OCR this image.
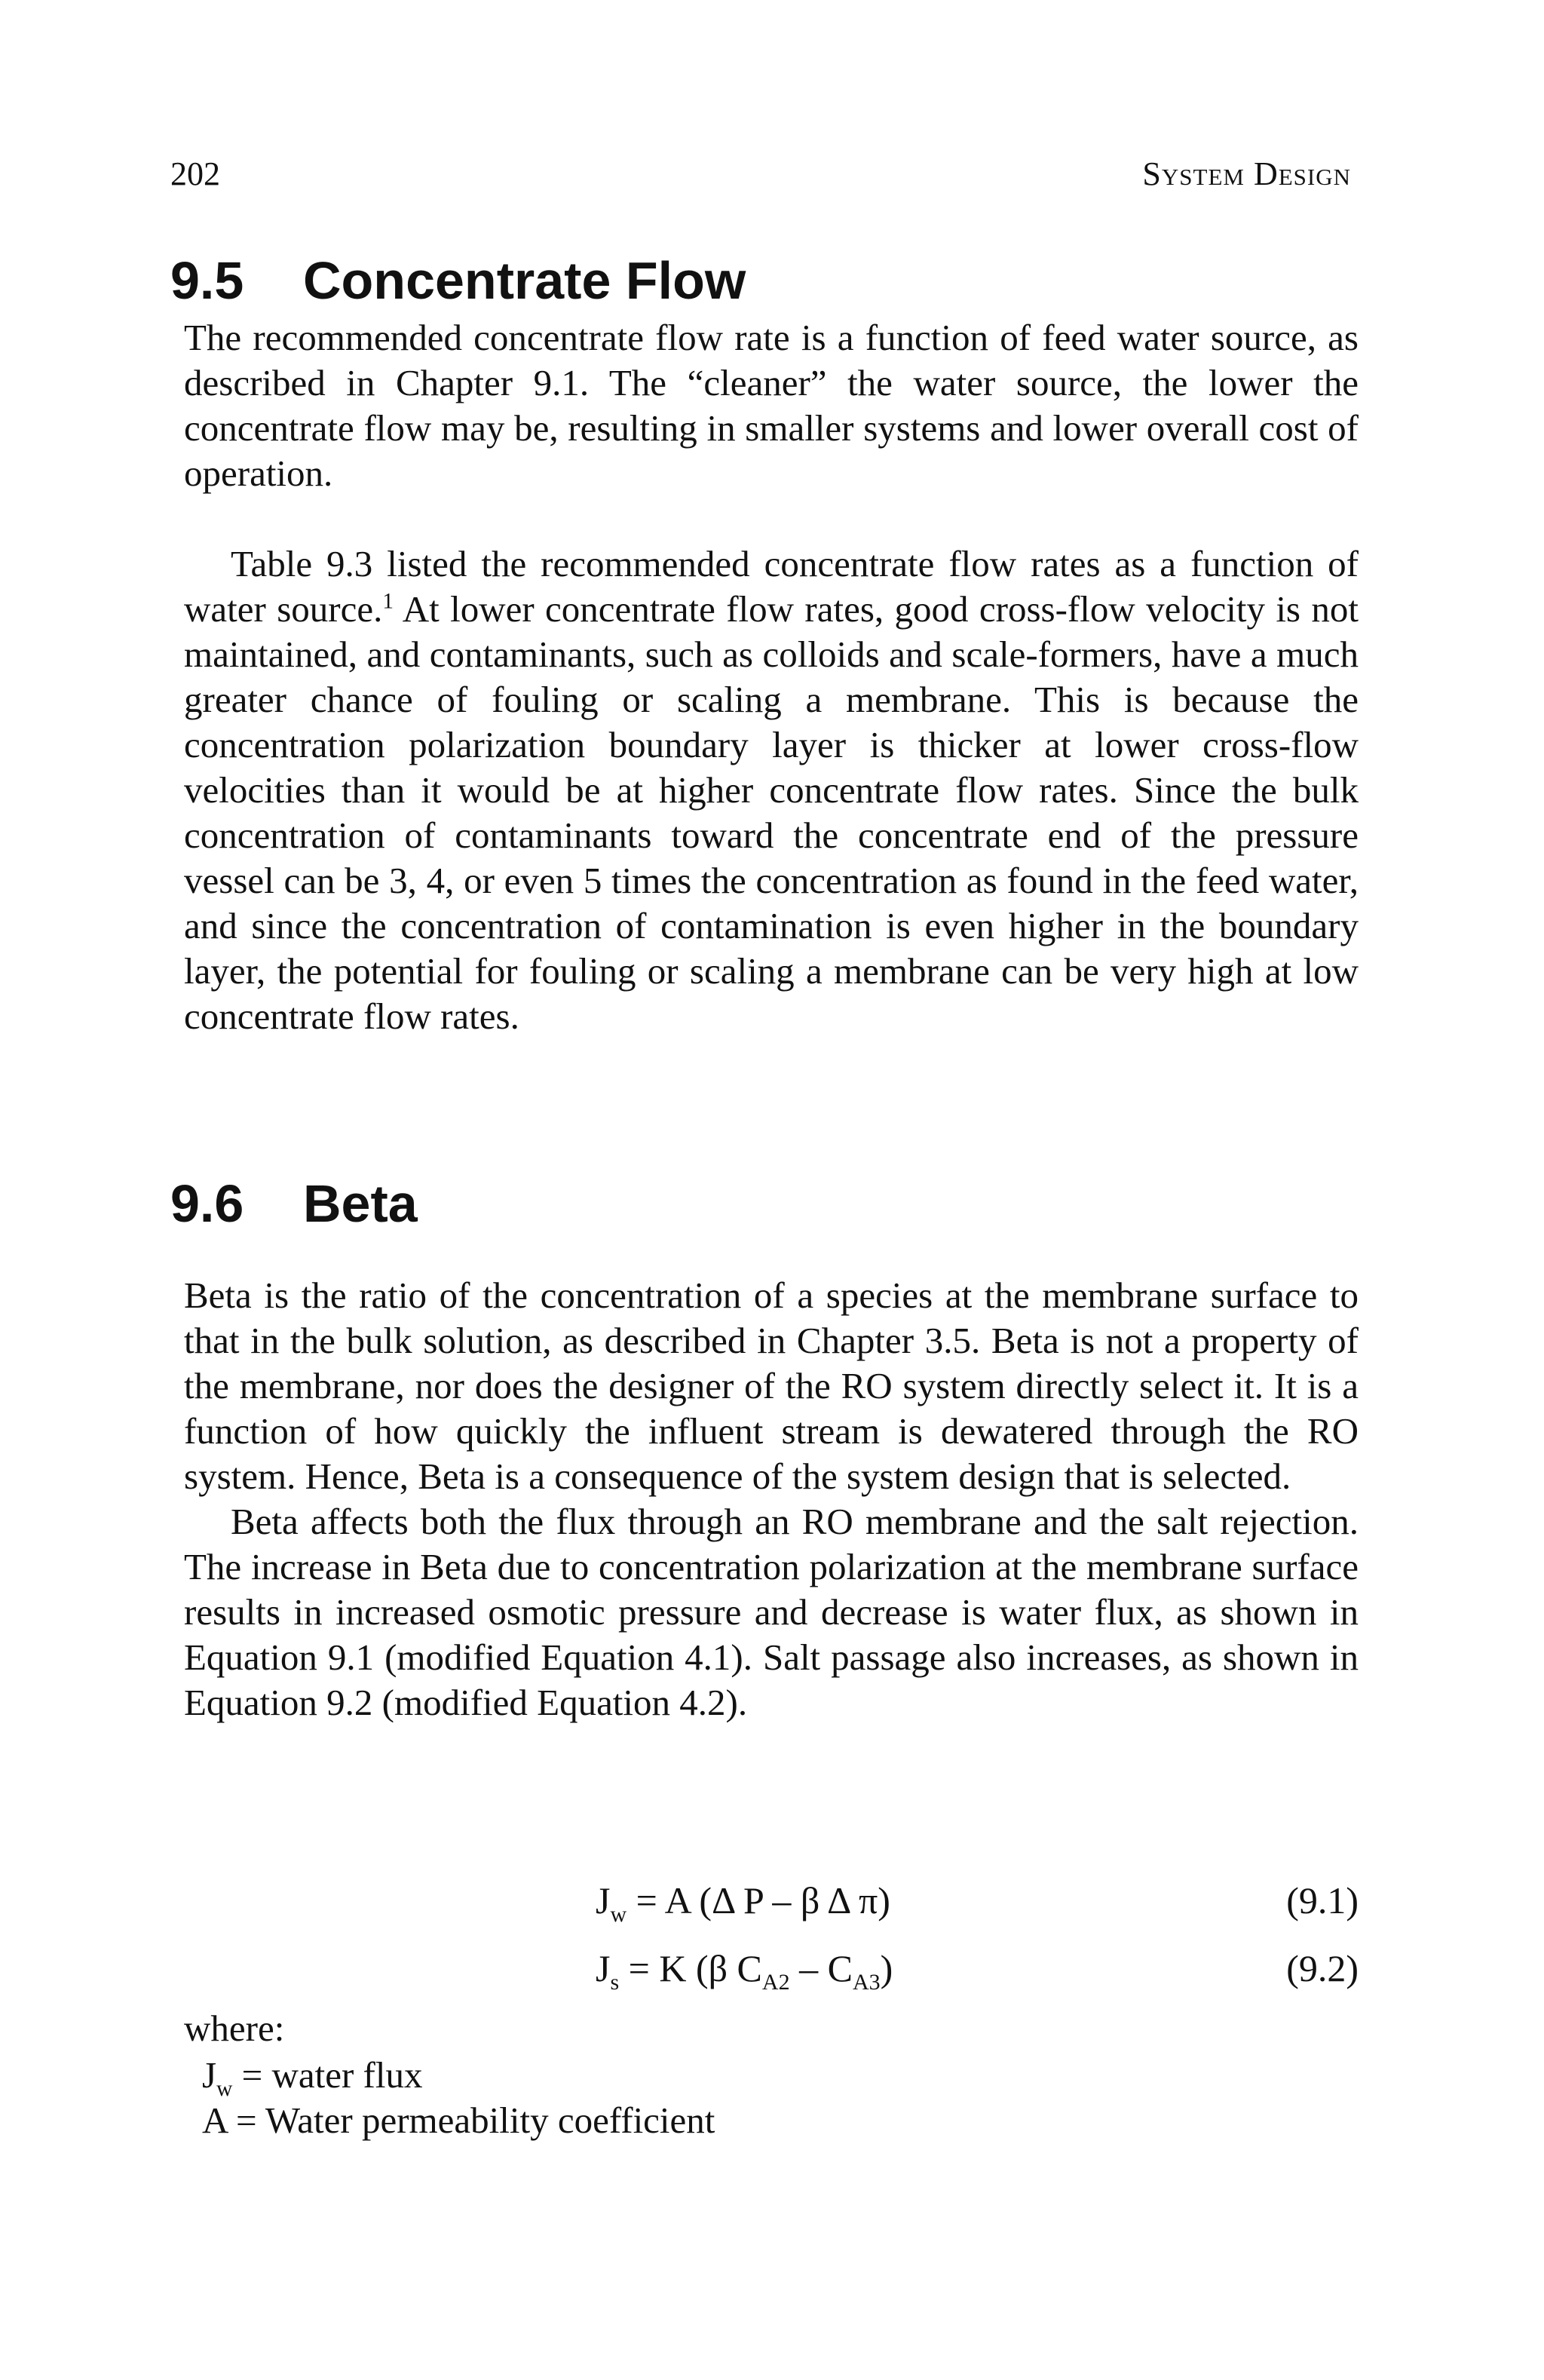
202	System Design
9.5 Concentrate Flow

The recommended concentrate flow rate is a function of feed water source, as described in Chapter 9.1. The “cleaner” the water source, the lower the concentrate flow may be, resulting in smaller systems and lower overall cost of operation.

Table 9.3 listed the recommended concentrate flow rates as a function of water source.$^1$ At lower concentrate flow rates, good cross-flow velocity is not maintained, and contaminants, such as colloids and scale-formers, have a much greater chance of fouling or scaling a membrane. This is because the concentration polarization boundary layer is thicker at lower cross-flow velocities than it would be at higher concentrate flow rates. Since the bulk concentration of contaminants toward the concentrate end of the pressure vessel can be 3, 4, or even 5 times the concentration as found in the feed water, and since the concentration of contamination is even higher in the boundary layer, the potential for fouling or scaling a membrane can be very high at low concentrate flow rates.

9.6 Beta

Beta is the ratio of the concentration of a species at the membrane surface to that in the bulk solution, as described in Chapter 3.5. Beta is not a property of the membrane, nor does the designer of the RO system directly select it. It is a function of how quickly the influent stream is dewatered through the RO system. Hence, Beta is a consequence of the system design that is selected.

Beta affects both the flux through an RO membrane and the salt rejection. The increase in Beta due to concentration polarization at the membrane surface results in increased osmotic pressure and decrease is water flux, as shown in Equation 9.1 (modified Equation 4.1). Salt passage also increases, as shown in Equation 9.2 (modified Equation 4.2).

$J_w = A$ (Δ P – β Δ π)	(9.1)
$J_s = K$ (β $C_{A2} - C_{A3}$)	(9.2)
where:
$J_w$ = water flux
A = Water permeability coefficient
